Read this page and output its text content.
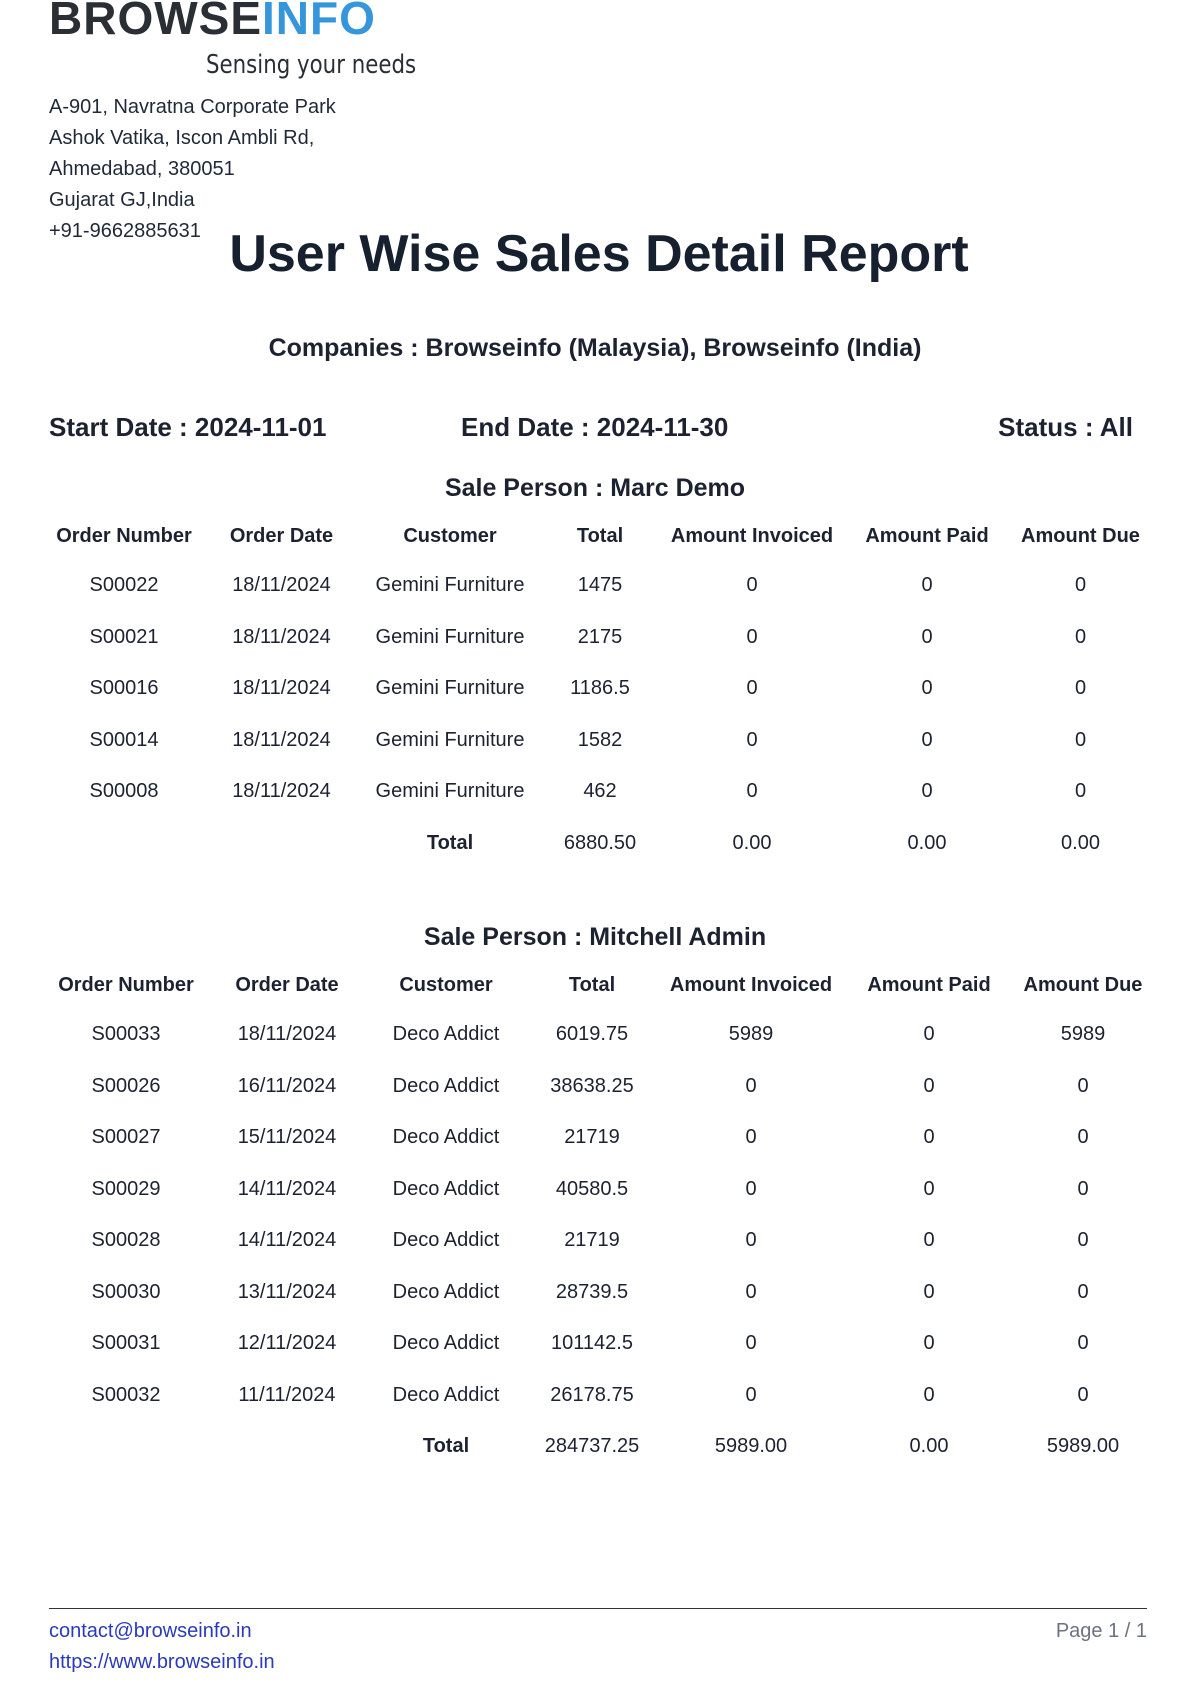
BROWSEINFO
Sensing your needs
A-901, Navratna Corporate Park
Ashok Vatika, Iscon Ambli Rd,
Ahmedabad, 380051
Gujarat GJ,India
+91-9662885631 User Wise Sales Detail Report
Companies : Browseinfo (Malaysia), Browseinfo (India)
Start Date : 2024-11-01	End Date : 2024-11-30	Status : All
Sale Person : Marc Demo
Order Number	Order Date	Customer	Total	Amount Invoiced	Amount Paid	Amount Due
S00022	18/11/2024	Gemini Furniture	1475	0	0	0
S00021	18/11/2024	Gemini Furniture	2175	0	0	0
S00016	18/11/2024	Gemini Furniture	1186.5	0	0	0
S00014	18/11/2024	Gemini Furniture	1582	0	0	0
S00008	18/11/2024	Gemini Furniture	462	0	0	0
		Total	6880.50	0.00	0.00	0.00
Sale Person : Mitchell Admin
Order Number	Order Date	Customer	Total	Amount Invoiced	Amount Paid	Amount Due
S00033	18/11/2024	Deco Addict	6019.75	5989	0	5989
S00026	16/11/2024	Deco Addict	38638.25	0	0	0
S00027	15/11/2024	Deco Addict	21719	0	0	0
S00029	14/11/2024	Deco Addict	40580.5	0	0	0
S00028	14/11/2024	Deco Addict	21719	0	0	0
S00030	13/11/2024	Deco Addict	28739.5	0	0	0
S00031	12/11/2024	Deco Addict	101142.5	0	0	0
S00032	11/11/2024	Deco Addict	26178.75	0	0	0
		Total	284737.25	5989.00	0.00	5989.00
contact@browseinfo.in
https://www.browseinfo.in
Page 1 / 1
